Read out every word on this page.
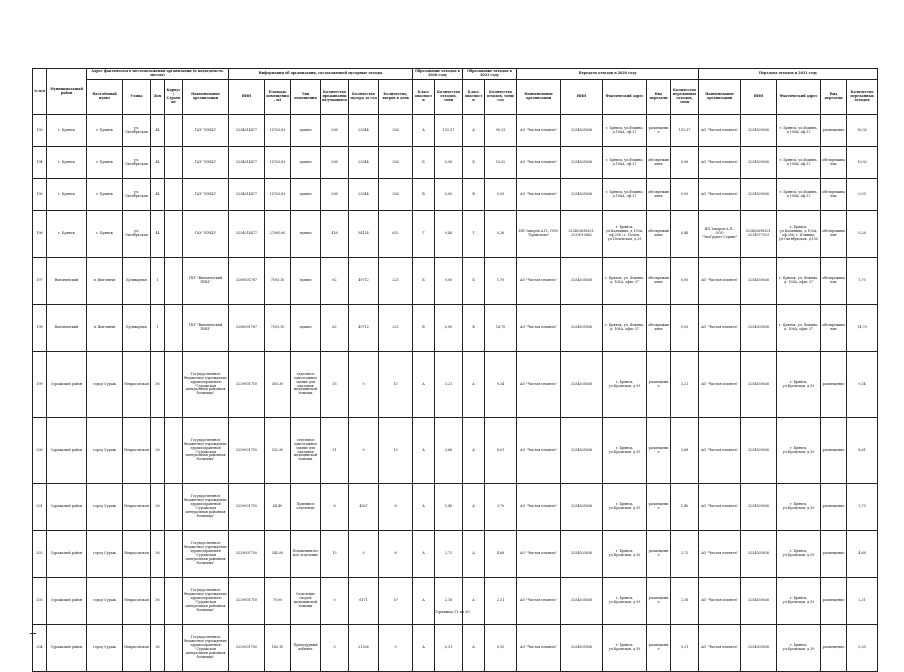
№ п/п	Муниципальный район	Адрес фактического местоположения организации (в подведомств. местах)					Информация об организации, составляющей мусорные отходы						Образование отходов в 2020 году		Образование отходов в 2021 году		Передача отходов в 2020 году					Передача отходов в 2021 году				
		Населённый пункт	Улица	Дом	Корпус/Строение	Наименование организации	ИНН	Площадь помещения, м2	Тип помещения	Количество проживающих/учащихся	Количество мусора за год	Количество, литров в день	Класс опасности	Количество отходов, тонн	Класс опасности	Количество отходов, тонн/год	Наименование организации	ИНН	Фактический адрес	Вид передачи	Количество переданных отходов, тонн	Наименование организации	ИНН	Фактический адрес	Вид передачи	Количество переданных отходов
193	г. Брянск	г. Брянск	ул. Октябрьская	44		ГАУ "БЭКЦ"	3234014477	15703,83	здание	208	25044	326	А	151,37	А	90,33	АО "Чистая планета"	3254505836	г. Брянск, ул.Фокина, д.108А, оф.37	размещение	151,37	АО "Чистая планета"	3254505836	г. Брянск, ул.Фокина, д.108А, оф.37	размещение	90,33
194	г. Брянск	г. Брянск	ул. Октябрьская	44		ГАУ "БЭКЦ"	3234014477	15703,83	здание	208	25044	326	Б	0,96	Б	10,02	АО "Чистая планета"	3254505836	г. Брянск, ул.Фокина, д.108А, оф.37	обезвреживание	0,96	АО "Чистая планета"	3254505836	г. Брянск, ул.Фокина, д.108А, оф.37	обезвреживание	10,02
195	г. Брянск	г. Брянск	ул. Октябрьская	44		ГАУ "БЭКЦ"	3234014477	15703,83	здание	208	25044	326	В	0,00	В	0,05	АО "Чистая планета"	3254505836	г. Брянск, ул.Фокина, д.108А, оф.37	обезвреживание	0,00	АО "Чистая планета"	3254505836	г. Брянск, ул.Фокина, д.108А, оф.37	обезвреживание	0,05
196	г. Брянск	г. Брянск	ул. Октябрьская	44		ГАУ "БЭКЦ"	3234014477	27083,60	здание	416	54124	652	Г	0,46	Г	0,26	ИП Захаров А.П., ООО "Брянскэко"	323403698201, 3229010862	г. Брянск, ул.Калинина, д.100А, оф.206 / г. Почеп, ул.Почепская, д.29	обезвреживание	0,46	ИП Захаров А.П., ООО "ЭкоГрупп+Сервис"	323403698201, 3234077923	г. Брянск, ул.Калинина, д.100А, оф.206, г. Клинцы, ул.Октябрьская, д.150	обезвреживание	0,26
197	Выгоничский	п. Выгоничи	Бульварная	1		ГКУ "Выгоничский ПНИ"	3206001787	7593,10	здание	62	49712	223	Б	0,00	Б	1,70	АО "Чистая планета"	3254505836	г. Брянск, ул. Фокина, д. 108А, офис 37	обезвреживание	0,00	АО "Чистая планета"	3254505836	г. Брянск, ул. Фокина, д. 108А, офис 37	обезвреживание	1,70
198	Выгоничский	п. Выгоничи	Бульварная	1		ГКУ "Выгоничский ПНИ"	3206001787	7593,10	здание	62	49712	223	В	0,00	В	14,70	АО "Чистая планета"	3254505836	г. Брянск, ул. Фокина, д. 108А, офис 37	обезвреживание	0,00	АО "Чистая планета"	3254505836	г. Брянск, ул. Фокина, д. 108А, офис 37	обезвреживание	14,70
199	Суражский район	город Сураж	Некрасовская	36		Государственное бюджетное учреждение здравоохранения "Суражская центральная районная больница"	3229001750	383,30	отдельное одноэтажное здание для оказания медицинской помощи	35	0	13	А	3,21	А	9,34	АО "Чистая планета"	3254505836	г. Брянск, ул.Кромская, д.39	размещение	3,21	АО "Чистая планета"	3254505836	г. Брянск, ул.Кромская, д.39	размещение	9,34
200	Суражский район	город Сураж	Некрасовская	36		Государственное бюджетное учреждение здравоохранения "Суражская центральная районная больница"	3229001750	532,30	отдельное одноэтажное здание для оказания медицинской помощи	31	0	13	А	3,68	А	8,61	АО "Чистая планета"	3254505836	г. Брянск, ул.Кромская, д.39	размещение	3,68	АО "Чистая планета"	3254505836	г. Брянск, ул.Кромская, д.39	размещение	8,61
201	Суражский район	город Сураж	Некрасовская	36		Государственное бюджетное учреждение здравоохранения "Суражская центральная районная больница"	3229001750	44,40	Приемное отделение	8	4367	8	А	1,40	А	3,70	АО "Чистая планета"	3254505836	г. Брянск, ул.Кромская, д.39	размещение	1,40	АО "Чистая планета"	3254505836	г. Брянск, ул.Кромская, д.39	размещение	3,70
202	Суражский район	город Сураж	Некрасовская	36		Государственное бюджетное учреждение здравоохранения "Суражская центральная районная больница"	3229001750	345,00	Поликлиническое отделение	15	0	8	А	2,72	А	4,68	АО "Чистая планета"	3254505836	г. Брянск, ул.Кромская, д.39	размещение	2,72	АО "Чистая планета"	3254505836	г. Брянск, ул.Кромская, д.39	размещение	4,68
203	Суражский район	город Сураж	Некрасовская	36		Государственное бюджетное учреждение здравоохранения "Суражская центральная районная больница"	3229001750	70,00	Отделение скорой медицинской помощи	0	6171	19	А	2,18	А	2,31	АО "Чистая планета"	3254505836	г. Брянск, ул.Кромская, д.39	размещение	2,18	АО "Чистая планета"	3254505836	г. Брянск, ул.Кромская, д.39	размещение	2,31
204	Суражский район	город Сураж	Некрасовская	36		Государственное бюджетное учреждение здравоохранения "Суражская центральная районная больница"	3229001750	160,10	Процедурный кабинет	0	21356	9	А	0,31	А	0,35	АО "Чистая планета"	3254505836	г. Брянск, ул.Кромская, д.39	размещение	0,31	АО "Чистая планета"	3254505836	г. Брянск, ул.Кромская, д.39	размещение	0,35
Страница 11 из 50
